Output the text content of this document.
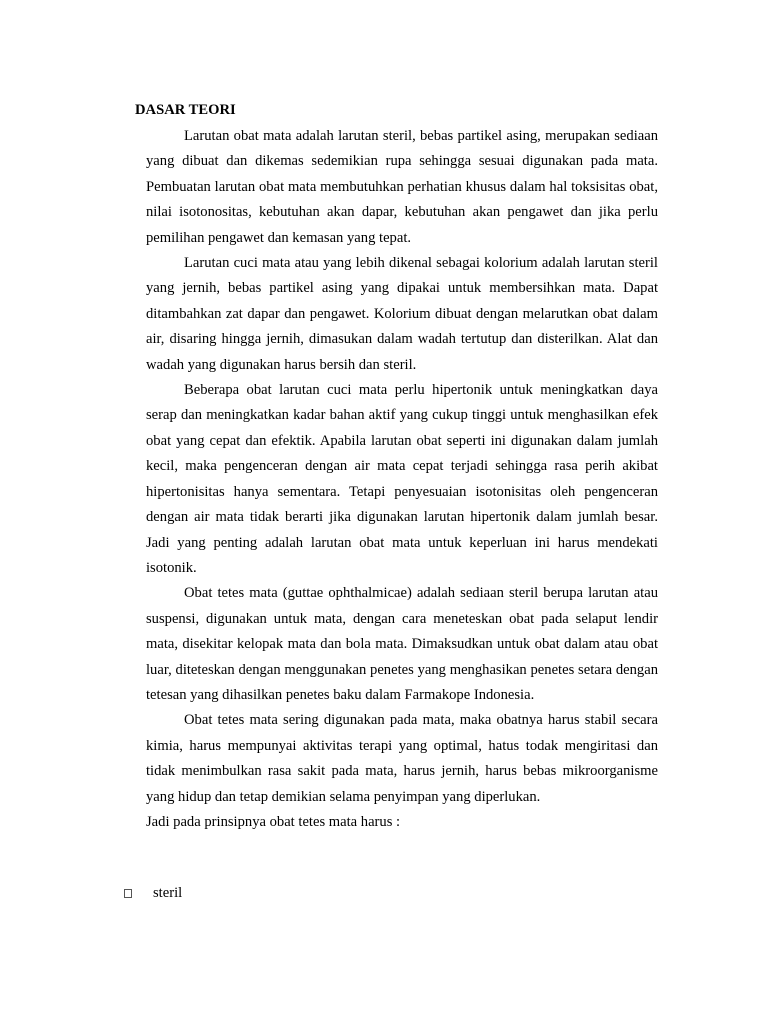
DASAR TEORI

Larutan obat mata adalah larutan steril, bebas partikel asing, merupakan sediaan yang dibuat dan dikemas sedemikian rupa sehingga sesuai digunakan pada mata. Pembuatan larutan obat mata membutuhkan perhatian khusus dalam hal toksisitas obat, nilai isotonositas, kebutuhan akan dapar, kebutuhan akan pengawet dan jika perlu pemilihan pengawet dan kemasan yang tepat.

Larutan cuci mata atau yang lebih dikenal sebagai kolorium adalah larutan steril yang jernih, bebas partikel asing yang dipakai untuk membersihkan mata. Dapat ditambahkan zat dapar dan pengawet. Kolorium dibuat dengan melarutkan obat dalam air, disaring hingga jernih, dimasukan dalam wadah tertutup dan disterilkan. Alat dan wadah yang digunakan harus bersih dan steril.

Beberapa obat larutan cuci mata perlu hipertonik untuk meningkatkan daya serap dan meningkatkan kadar bahan aktif yang cukup tinggi untuk menghasilkan efek obat yang cepat dan efektik. Apabila larutan obat seperti ini digunakan dalam jumlah kecil, maka pengenceran dengan air mata cepat terjadi sehingga rasa perih akibat hipertonisitas hanya sementara. Tetapi penyesuaian isotonisitas oleh pengenceran dengan air mata tidak berarti jika digunakan larutan hipertonik dalam jumlah besar. Jadi yang penting adalah larutan obat mata untuk keperluan ini harus mendekati isotonik.

Obat tetes mata (guttae ophthalmicae) adalah sediaan steril berupa larutan atau suspensi, digunakan untuk mata, dengan cara meneteskan obat pada selaput lendir mata, disekitar kelopak mata dan bola mata. Dimaksudkan untuk obat dalam atau obat luar, diteteskan dengan menggunakan penetes yang menghasikan penetes setara dengan tetesan yang dihasilkan penetes baku dalam Farmakope Indonesia.

Obat tetes mata sering digunakan pada mata, maka obatnya harus stabil secara kimia, harus mempunyai aktivitas terapi yang optimal, hatus todak mengiritasi dan tidak menimbulkan rasa sakit pada mata, harus jernih, harus bebas mikroorganisme yang hidup dan tetap demikian selama penyimpan yang diperlukan.

Jadi pada prinsipnya obat tetes mata harus :

steril
